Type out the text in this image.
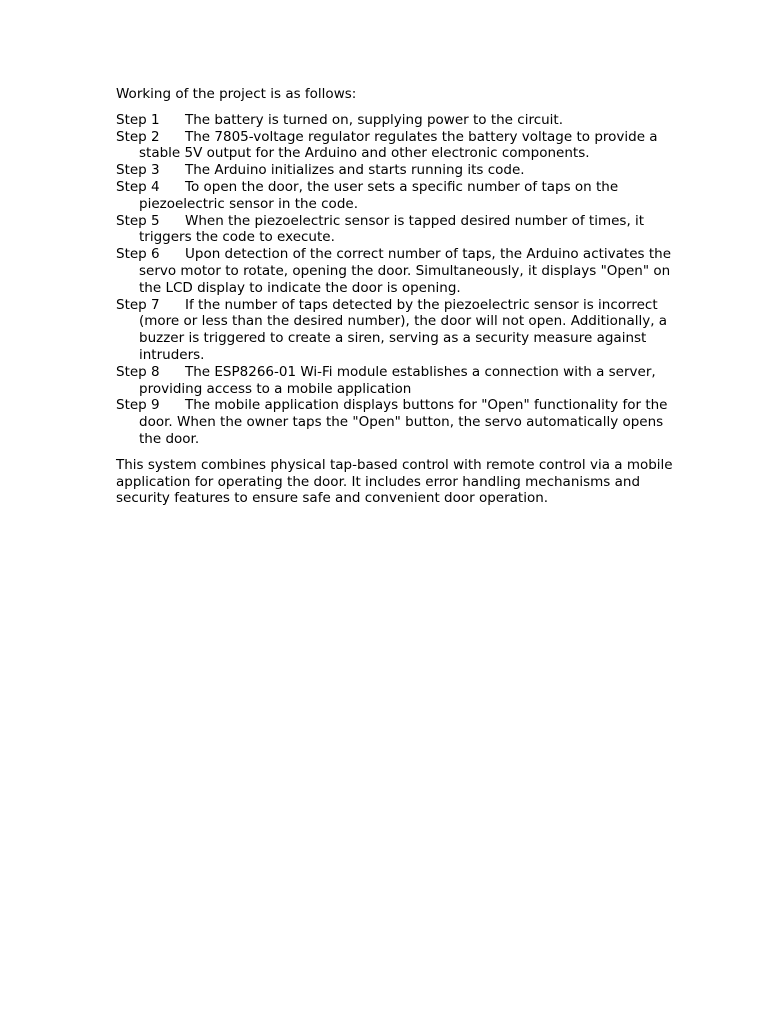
Working of the project is as follows:

Step 1 The battery is turned on, supplying power to the circuit.
Step 2 The 7805-voltage regulator regulates the battery voltage to provide a stable 5V output for the Arduino and other electronic components.
Step 3 The Arduino initializes and starts running its code.
Step 4 To open the door, the user sets a specific number of taps on the piezoelectric sensor in the code.
Step 5 When the piezoelectric sensor is tapped desired number of times, it triggers the code to execute.
Step 6 Upon detection of the correct number of taps, the Arduino activates the servo motor to rotate, opening the door. Simultaneously, it displays "Open" on the LCD display to indicate the door is opening.
Step 7 If the number of taps detected by the piezoelectric sensor is incorrect (more or less than the desired number), the door will not open. Additionally, a buzzer is triggered to create a siren, serving as a security measure against intruders.
Step 8 The ESP8266-01 Wi-Fi module establishes a connection with a server, providing access to a mobile application
Step 9 The mobile application displays buttons for "Open" functionality for the door. When the owner taps the "Open" button, the servo automatically opens the door.

This system combines physical tap-based control with remote control via a mobile application for operating the door. It includes error handling mechanisms and security features to ensure safe and convenient door operation.
